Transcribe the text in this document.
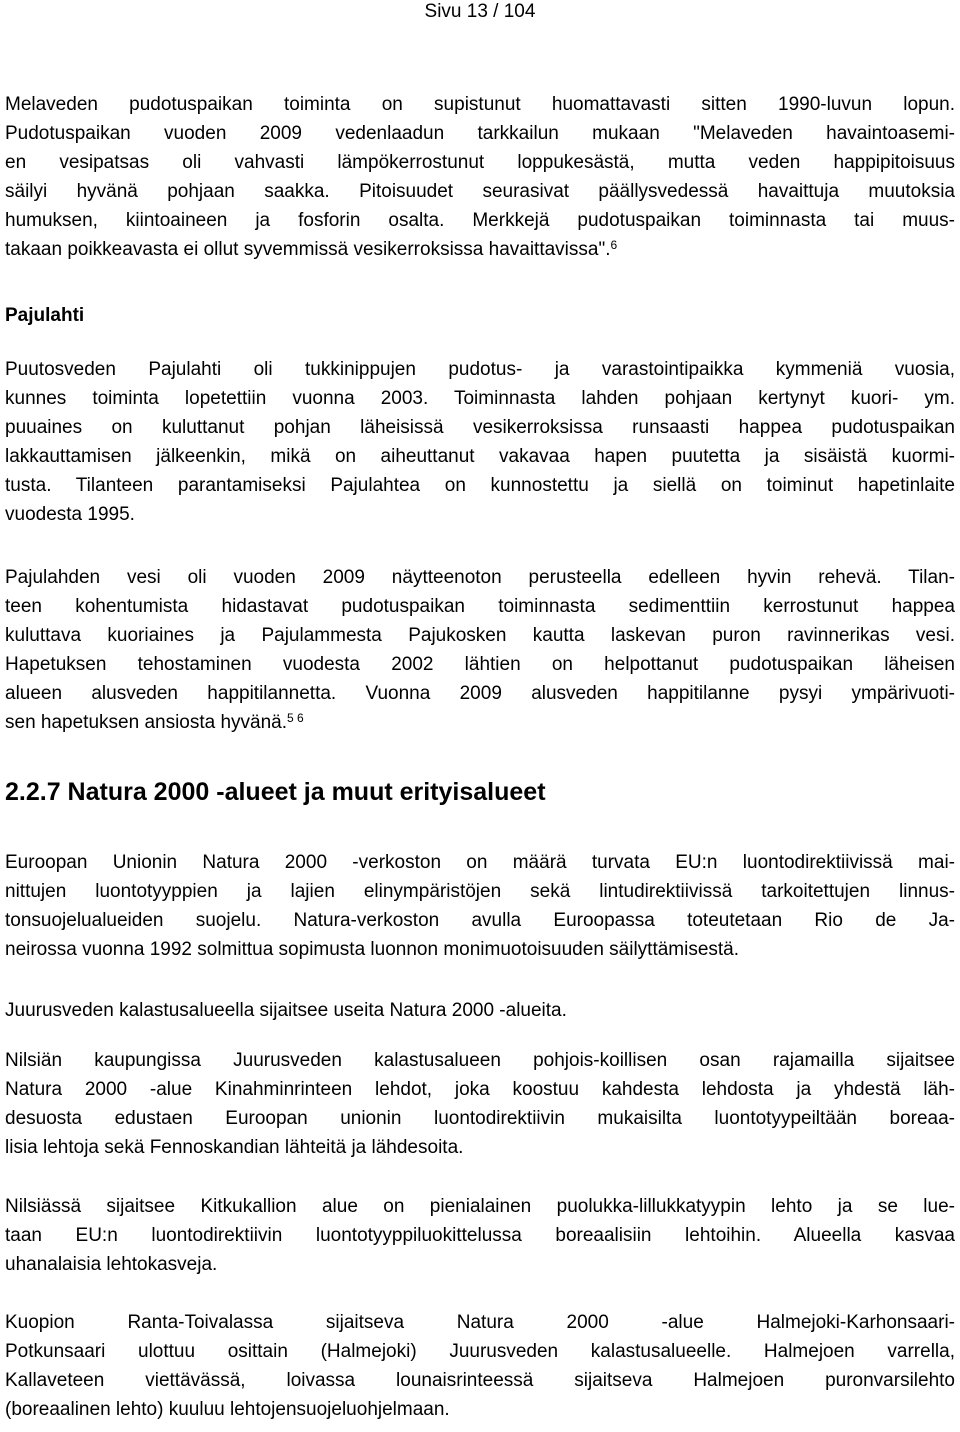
Sivu 13 / 104
Melaveden pudotuspaikan toiminta on supistunut huomattavasti sitten 1990-luvun lopun.
Pudotuspaikan vuoden 2009 vedenlaadun tarkkailun mukaan "Melaveden havaintoasemi-
en vesipatsas oli vahvasti lämpökerrostunut loppukesästä, mutta veden happipitoisuus
säilyi hyvänä pohjaan saakka. Pitoisuudet seurasivat päällysvedessä havaittuja muutoksia
humuksen, kiintoaineen ja fosforin osalta. Merkkejä pudotuspaikan toiminnasta tai muus-
takaan poikkeavasta ei ollut syvemmissä vesikerroksissa havaittavissa".$^6$
Pajulahti
Puutosveden Pajulahti oli tukkinippujen pudotus- ja varastointipaikka kymmeniä vuosia,
kunnes toiminta lopetettiin vuonna 2003. Toiminnasta lahden pohjaan kertynyt kuori- ym.
puuaines on kuluttanut pohjan läheisissä vesikerroksissa runsaasti happea pudotuspaikan
lakkauttamisen jälkeenkin, mikä on aiheuttanut vakavaa hapen puutetta ja sisäistä kuormi-
tusta. Tilanteen parantamiseksi Pajulahtea on kunnostettu ja siellä on toiminut hapetinlaite
vuodesta 1995.
Pajulahden vesi oli vuoden 2009 näytteenoton perusteella edelleen hyvin rehevä. Tilan-
teen kohentumista hidastavat pudotuspaikan toiminnasta sedimenttiin kerrostunut happea
kuluttava kuoriaines ja Pajulammesta Pajukosken kautta laskevan puron ravinnerikas vesi.
Hapetuksen tehostaminen vuodesta 2002 lähtien on helpottanut pudotuspaikan läheisen
alueen alusveden happitilannetta. Vuonna 2009 alusveden happitilanne pysyi ympärivuoti-
sen hapetuksen ansiosta hyvänä.$^{5 6}$
2.2.7 Natura 2000 -alueet ja muut erityisalueet
Euroopan Unionin Natura 2000 -verkoston on määrä turvata EU:n luontodirektiivissä mai-
nittujen luontotyyppien ja lajien elinympäristöjen sekä lintudirektiivissä tarkoitettujen linnus-
tonsuojelualueiden suojelu. Natura-verkoston avulla Euroopassa toteutetaan Rio de Ja-
neirossa vuonna 1992 solmittua sopimusta luonnon monimuotoisuuden säilyttämisestä.
Juurusveden kalastusalueella sijaitsee useita Natura 2000 -alueita.
Nilsiän kaupungissa Juurusveden kalastusalueen pohjois-koillisen osan rajamailla sijaitsee
Natura 2000 -alue Kinahminrinteen lehdot, joka koostuu kahdesta lehdosta ja yhdestä läh-
desuosta edustaen Euroopan unionin luontodirektiivin mukaisilta luontotyypeiltään boreaa-
lisia lehtoja sekä Fennoskandian lähteitä ja lähdesoita.
Nilsiässä sijaitsee Kitkukallion alue on pienialainen puolukka-lillukkatyypin lehto ja se lue-
taan EU:n luontodirektiivin luontotyyppiluokittelussa boreaalisiin lehtoihin. Alueella kasvaa
uhanalaisia lehtokasveja.
Kuopion Ranta-Toivalassa sijaitseva Natura 2000 -alue Halmejoki-Karhonsaari-
Potkunsaari ulottuu osittain (Halmejoki) Juurusveden kalastusalueelle. Halmejoen varrella,
Kallaveteen viettävässä, loivassa lounaisrinteessä sijaitseva Halmejoen puronvarsilehto
(boreaalinen lehto) kuuluu lehtojensuojeluohjelmaan.
